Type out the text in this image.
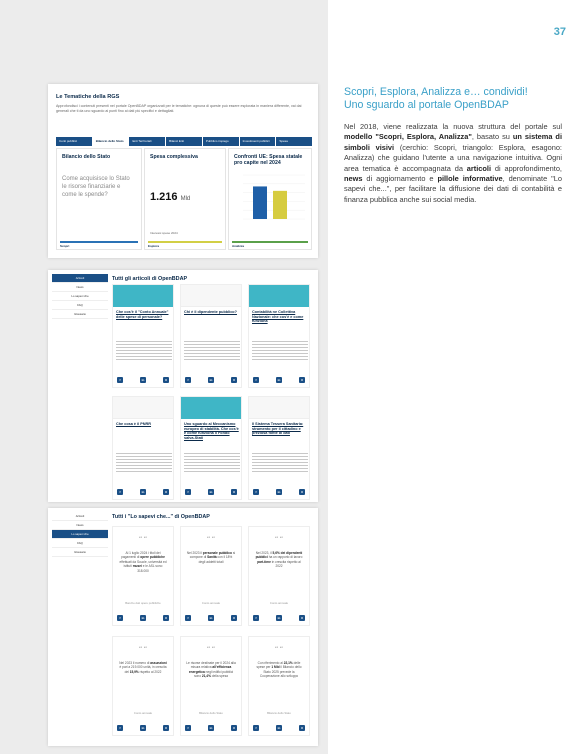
Le Tematiche della RGS
Approfondisci i contenuti presenti nel portale OpenBDAP organizzati per le tematiche: ognuna di queste può essere esplorata in maniera differente, vai dai generali che ti da uno sguardo ai punti fino ai dati più specifici e dettagliati.
Conti pubblici	Bilancio dello Stato	Enti Territoriali	Bilanci Enti	Pubblico impiego	Investimenti pubblici	Spesa
Bilancio dello Stato
Come acquisisce lo Stato le risorse finanziarie e come le spende?
Scopri
Spesa complessiva
1.216 Mld
Interessi spese 2024
Esplora
Confronti UE: Spesa statale pro capite nel 2024
Analizza
Articoli
News
Lo sapevi che
FAQ
Glossario
Tutti gli articoli di OpenBDAP
Che cos'è il "Conto Annuale" delle spese di personale?
f	in	X
Chi è il dipendente pubblico?
f	in	X
Contabilità ne Collettiva Nazionale: che cos'è e come funziona
f	in	X
Che cosa è il PNRR
f	in	X
Uno sguardo al Meccanismo europeo di stabilità. Che cos'è e come funziona il Fondo salva-Stati
f	in	X
Il Sistema Tessera Sanitaria: strumento per il cittadino e preziosa fonte di dati
f	in	X
Articoli
News
Lo sapevi che
FAQ
Glossario
Tutti i "Lo sapevi che..." di OpenBDAP
“ “
Al 1 luglio 2024 i titoli dei pagamenti di opere pubbliche effettuati da Scuole, università ed istituti musei e le ASL sono 318.000
Banche dati opere pubbliche
f	in	X
“ “
Nel 2023 il personale pubblico si compone di Sanità con il 18% degli addetti totali
Conto annuale
f	in	X
“ “
Nel 2023, il 5,6% dei dipendenti pubblici ha un rapporto di lavoro part-time in crescita rispetto al 2022
Conto annuale
f	in	X
“ “
Nel 2023 il numero di assunzioni è pari a 219.000 unità, in crescita del 15,9% rispetto al 2022
Conto annuale
f	in	X
“ “
Le risorse destinate per il 2024 alla misura relativa all'efficienza energetica negli edifici pubblici sono 21,4% della spesa
Bilancio dello Stato
f	in	X
“ “
Con riferimento al 22,1% delle spese per 1 Mld il Bilancio dello Stato 2025 prevede la Cooperazione allo sviluppo
Bilancio dello Stato
f	in	X
37
Scopri, Esplora, Analizza e… condividi!
Uno sguardo al portale OpenBDAP
Nel 2018, viene realizzata la nuova struttura del portale sul modello "Scopri, Esplora, Analizza", basato su un sistema di simboli visivi (cerchio: Scopri, triangolo: Esplora, esagono: Analizza) che guidano l'utente a una navigazione intuitiva. Ogni area tematica è accompagnata da articoli di approfondimento, news di aggiornamento e pillole informative, denominate "Lo sapevi che...", per facilitare la diffusione dei dati di contabilità e finanza pubblica anche sui social media.
